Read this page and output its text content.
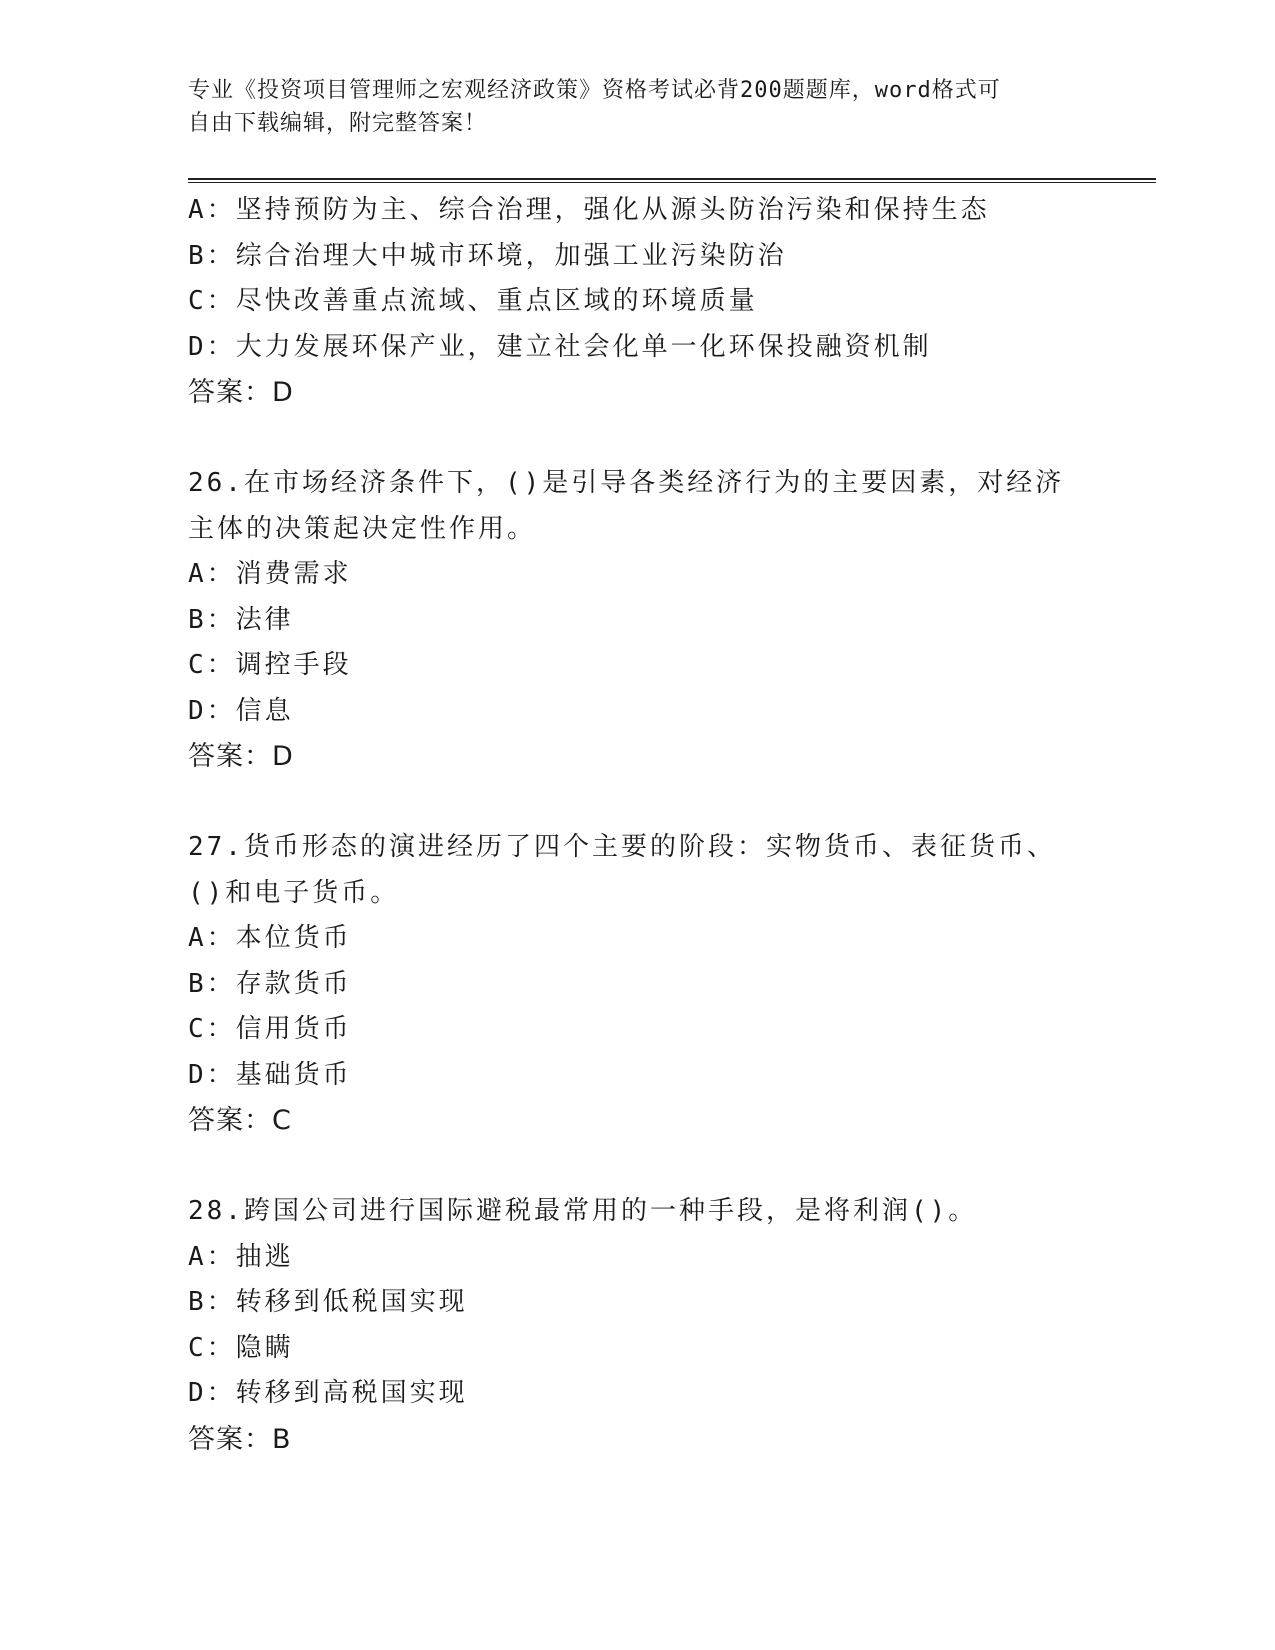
专业《投资项目管理师之宏观经济政策》资格考试必背200题题库，word格式可
自由下载编辑，附完整答案！
A：坚持预防为主、综合治理，强化从源头防治污染和保持生态
B：综合治理大中城市环境，加强工业污染防治
C：尽快改善重点流域、重点区域的环境质量
D：大力发展环保产业，建立社会化单一化环保投融资机制
答案：D
26.在市场经济条件下，()是引导各类经济行为的主要因素，对经济主体的决策起决定性作用。
A：消费需求
B：法律
C：调控手段
D：信息
答案：D
27.货币形态的演进经历了四个主要的阶段：实物货币、表征货币、()和电子货币。
A：本位货币
B：存款货币
C：信用货币
D：基础货币
答案：C
28.跨国公司进行国际避税最常用的一种手段，是将利润()。
A：抽逃
B：转移到低税国实现
C：隐瞒
D：转移到高税国实现
答案：B
